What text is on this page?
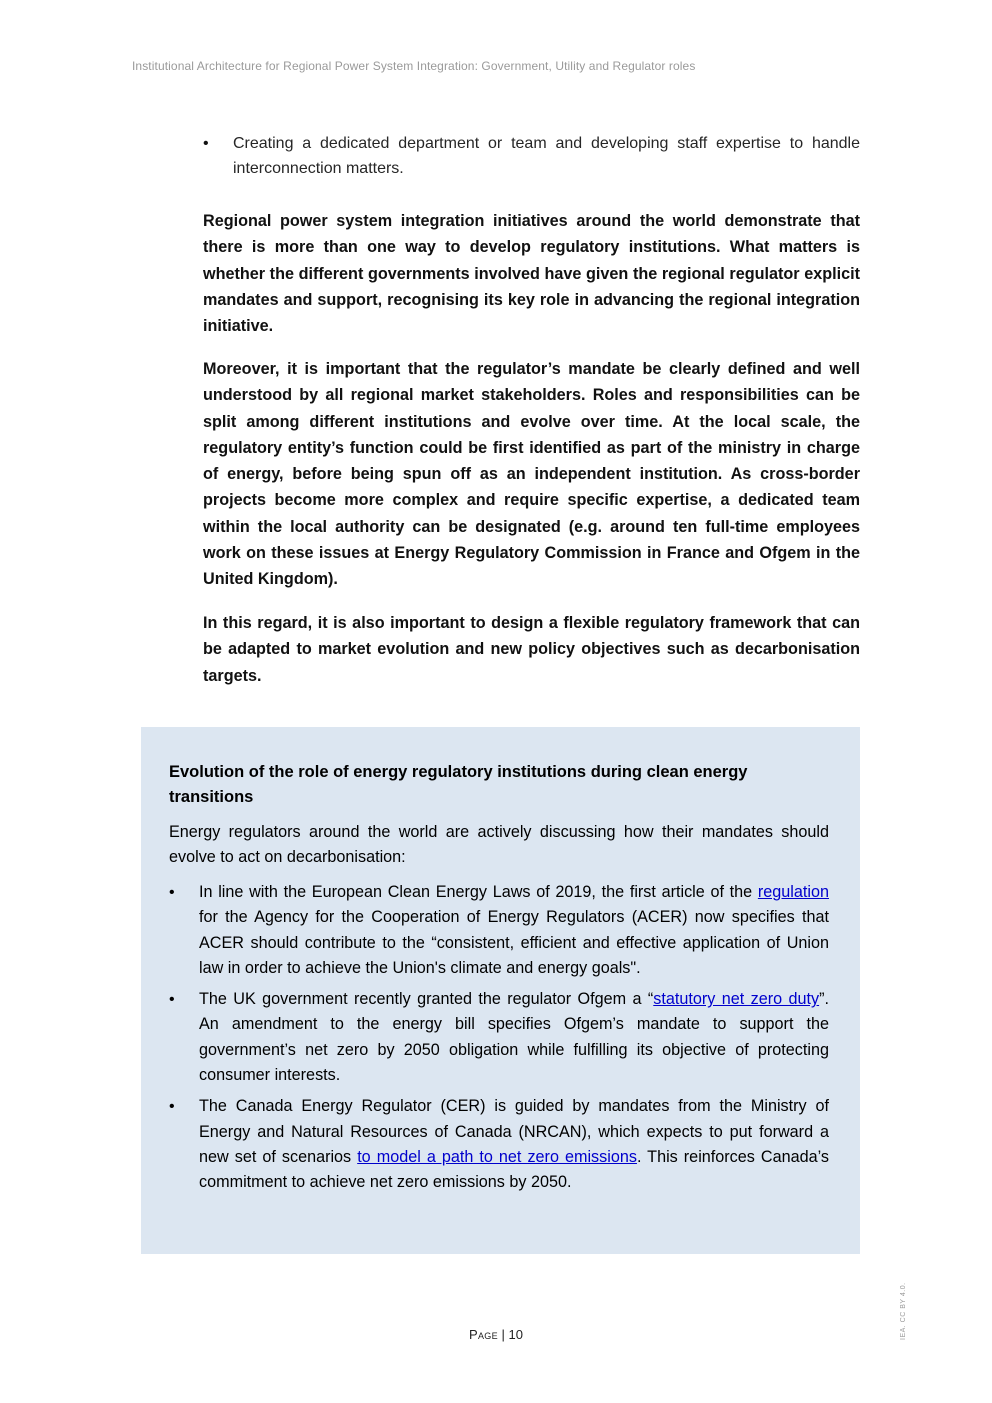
Institutional Architecture for Regional Power System Integration: Government, Utility and Regulator roles
• Creating a dedicated department or team and developing staff expertise to handle interconnection matters.

Regional power system integration initiatives around the world demonstrate that there is more than one way to develop regulatory institutions. What matters is whether the different governments involved have given the regional regulator explicit mandates and support, recognising its key role in advancing the regional integration initiative.

Moreover, it is important that the regulator’s mandate be clearly defined and well understood by all regional market stakeholders. Roles and responsibilities can be split among different institutions and evolve over time. At the local scale, the regulatory entity’s function could be first identified as part of the ministry in charge of energy, before being spun off as an independent institution. As cross-border projects become more complex and require specific expertise, a dedicated team within the local authority can be designated (e.g. around ten full-time employees work on these issues at Energy Regulatory Commission in France and Ofgem in the United Kingdom).

In this regard, it is also important to design a flexible regulatory framework that can be adapted to market evolution and new policy objectives such as decarbonisation targets.

Evolution of the role of energy regulatory institutions during clean energy transitions

Energy regulators around the world are actively discussing how their mandates should evolve to act on decarbonisation:

• In line with the European Clean Energy Laws of 2019, the first article of the regulation for the Agency for the Cooperation of Energy Regulators (ACER) now specifies that ACER should contribute to the “consistent, efficient and effective application of Union law in order to achieve the Union's climate and energy goals".
• The UK government recently granted the regulator Ofgem a “statutory net zero duty”. An amendment to the energy bill specifies Ofgem’s mandate to support the government’s net zero by 2050 obligation while fulfilling its objective of protecting consumer interests.
• The Canada Energy Regulator (CER) is guided by mandates from the Ministry of Energy and Natural Resources of Canada (NRCAN), which expects to put forward a new set of scenarios to model a path to net zero emissions. This reinforces Canada’s commitment to achieve net zero emissions by 2050.
Page | 10	IEA. CC BY 4.0.
